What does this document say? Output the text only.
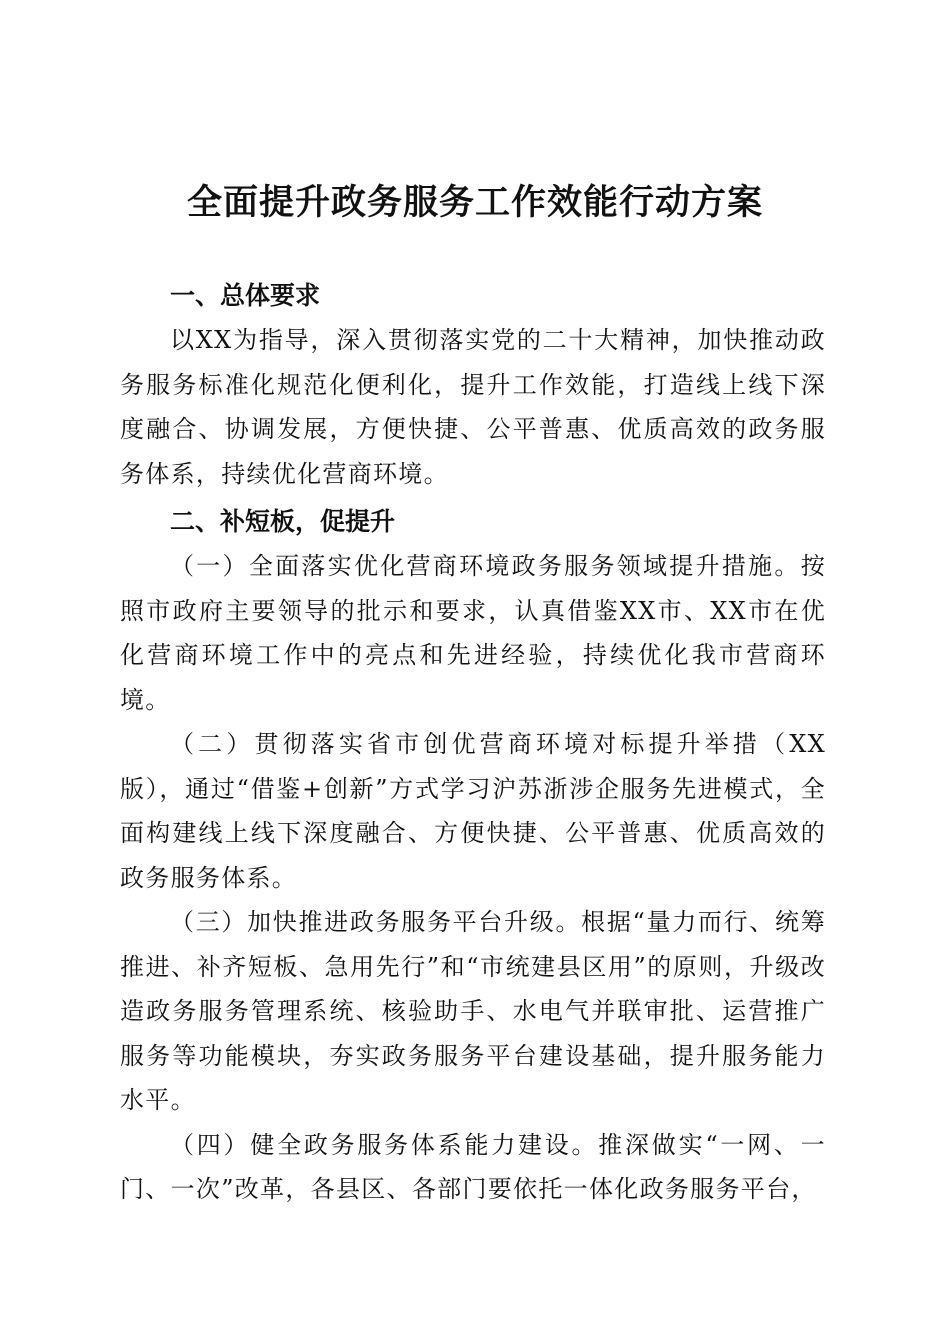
全面提升政务服务工作效能行动方案

一、总体要求

以XX为指导，深入贯彻落实党的二十大精神，加快推动政务服务标准化规范化便利化，提升工作效能，打造线上线下深度融合、协调发展，方便快捷、公平普惠、优质高效的政务服务体系，持续优化营商环境。

二、补短板，促提升

（一）全面落实优化营商环境政务服务领域提升措施。按照市政府主要领导的批示和要求，认真借鉴XX市、XX市在优化营商环境工作中的亮点和先进经验，持续优化我市营商环境。

（二）贯彻落实省市创优营商环境对标提升举措（XX版），通过“借鉴+创新”方式学习沪苏浙涉企服务先进模式，全面构建线上线下深度融合、方便快捷、公平普惠、优质高效的政务服务体系。

（三）加快推进政务服务平台升级。根据“量力而行、统筹推进、补齐短板、急用先行”和“市统建县区用”的原则，升级改造政务服务管理系统、核验助手、水电气并联审批、运营推广服务等功能模块，夯实政务服务平台建设基础，提升服务能力水平。

（四）健全政务服务体系能力建设。推深做实“一网、一门、一次”改革，各县区、各部门要依托一体化政务服务平台，
